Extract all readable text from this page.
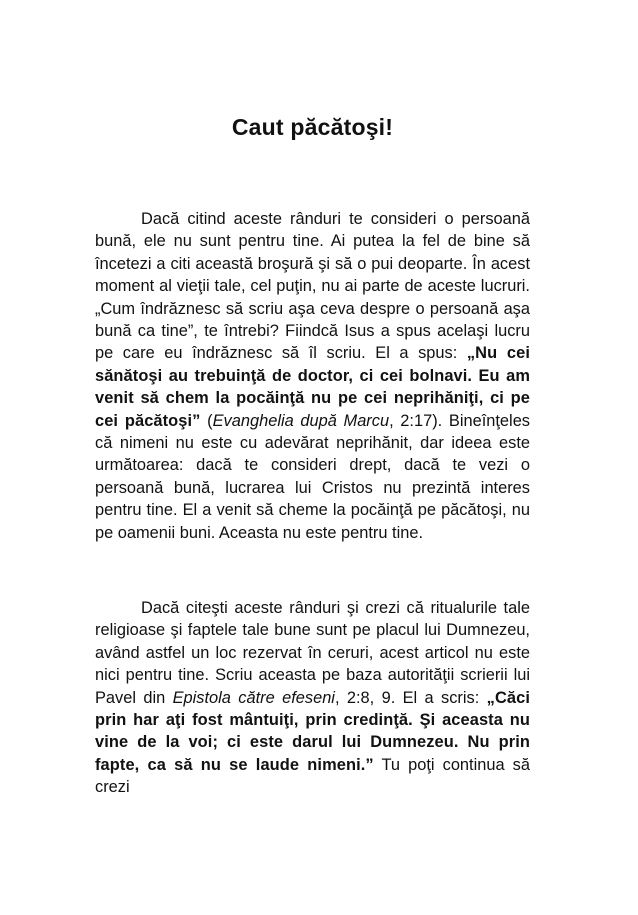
Caut păcătoşi!

Dacă citind aceste rânduri te consideri o persoană bună, ele nu sunt pentru tine. Ai putea la fel de bine să încetezi a citi această broşură şi să o pui deoparte. În acest moment al vieţii tale, cel puţin, nu ai parte de aceste lucruri. „Cum îndrăznesc să scriu aşa ceva despre o persoană aşa bună ca tine”, te întrebi? Fiindcă Isus a spus acelaşi lucru pe care eu îndrăznesc să îl scriu. El a spus: „Nu cei sănătoşi au trebuinţă de doctor, ci cei bolnavi. Eu am venit să chem la pocăinţă nu pe cei neprihăniţi, ci pe cei păcătoşi” (Evanghelia după Marcu, 2:17). Bineînţeles că nimeni nu este cu adevărat neprihănit, dar ideea este următoarea: dacă te consideri drept, dacă te vezi o persoană bună, lucrarea lui Cristos nu prezintă interes pentru tine. El a venit să cheme la pocăinţă pe păcătoşi, nu pe oamenii buni. Aceasta nu este pentru tine.

Dacă citeşti aceste rânduri şi crezi că ritualurile tale religioase şi faptele tale bune sunt pe placul lui Dumnezeu, având astfel un loc rezervat în ceruri, acest articol nu este nici pentru tine. Scriu aceasta pe baza autorităţii scrierii lui Pavel din Epistola către efeseni, 2:8, 9. El a scris: „Căci prin har aţi fost mântuiţi, prin credinţă. Şi aceasta nu vine de la voi; ci este darul lui Dumnezeu. Nu prin fapte, ca să nu se laude nimeni.” Tu poţi continua să crezi
